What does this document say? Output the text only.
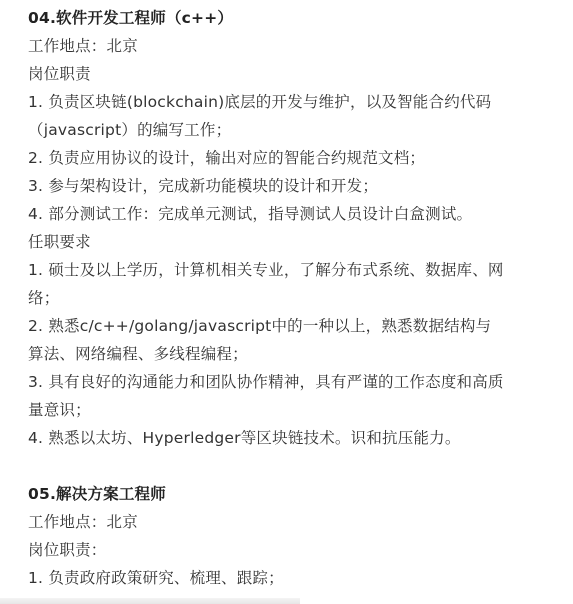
04.软件开发工程师（c++）
工作地点：北京
岗位职责
1. 负责区块链(blockchain)底层的开发与维护，以及智能合约代码
（javascript）的编写工作；
2. 负责应用协议的设计，输出对应的智能合约规范文档；
3. 参与架构设计，完成新功能模块的设计和开发；
4. 部分测试工作：完成单元测试，指导测试人员设计白盒测试。
任职要求
1. 硕士及以上学历，计算机相关专业，了解分布式系统、数据库、网
络；
2. 熟悉c/c++/golang/javascript中的一种以上，熟悉数据结构与
算法、网络编程、多线程编程；
3. 具有良好的沟通能力和团队协作精神，具有严谨的工作态度和高质
量意识；
4. 熟悉以太坊、Hyperledger等区块链技术。识和抗压能力。
05.解决方案工程师
工作地点：北京
岗位职责：
1. 负责政府政策研究、梳理、跟踪；
